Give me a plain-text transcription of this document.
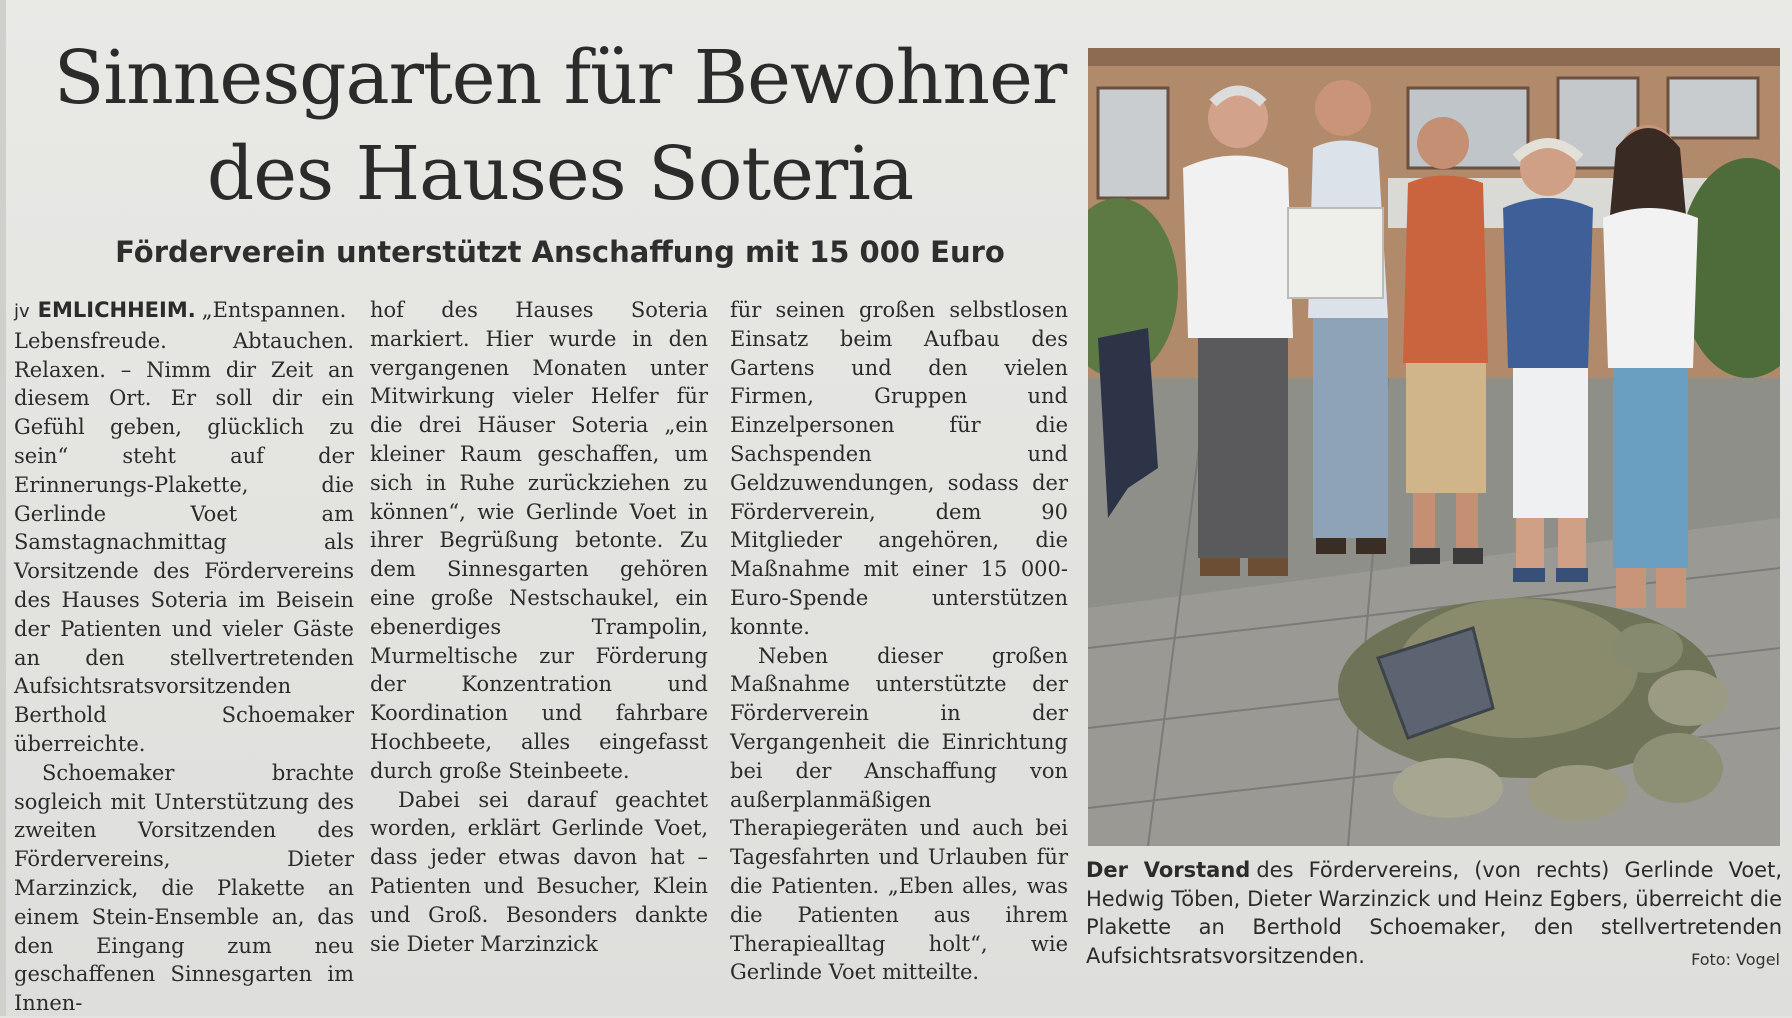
Sinnesgarten für Bewohner
des Hauses Soteria
Förderverein unterstützt Anschaffung mit 15 000 Euro

jv EMLICHHEIM. „Entspannen. Lebensfreude. Abtauchen. Relaxen. – Nimm dir Zeit an diesem Ort. Er soll dir ein Gefühl geben, glücklich zu sein“ steht auf der Erinnerungs-Plakette, die Gerlinde Voet am Samstagnachmittag als Vorsitzende des Fördervereins des Hauses Soteria im Beisein der Patienten und vieler Gäste an den stellvertretenden Aufsichtsratsvorsitzenden Berthold Schoemaker überreichte.

Schoemaker brachte sogleich mit Unterstützung des zweiten Vorsitzenden des Fördervereins, Dieter Marzinzick, die Plakette an einem Stein-Ensemble an, das den Eingang zum neu geschaffenen Sinnesgarten im Innen-

hof des Hauses Soteria markiert. Hier wurde in den vergangenen Monaten unter Mitwirkung vieler Helfer für die drei Häuser Soteria „ein kleiner Raum geschaffen, um sich in Ruhe zurückziehen zu können“, wie Gerlinde Voet in ihrer Begrüßung betonte. Zu dem Sinnesgarten gehören eine große Nestschaukel, ein ebenerdiges Trampolin, Murmeltische zur Förderung der Konzentration und Koordination und fahrbare Hochbeete, alles eingefasst durch große Steinbeete.

Dabei sei darauf geachtet worden, erklärt Gerlinde Voet, dass jeder etwas davon hat – Patienten und Besucher, Klein und Groß. Besonders dankte sie Dieter Marzinzick

für seinen großen selbstlosen Einsatz beim Aufbau des Gartens und den vielen Firmen, Gruppen und Einzelpersonen für die Sachspenden und Geldzuwendungen, sodass der Förderverein, dem 90 Mitglieder angehören, die Maßnahme mit einer 15 000-Euro-Spende unterstützen konnte.

Neben dieser großen Maßnahme unterstützte der Förderverein in der Vergangenheit die Einrichtung bei der Anschaffung von außerplanmäßigen Therapiegeräten und auch bei Tagesfahrten und Urlauben für die Patienten. „Eben alles, was die Patienten aus ihrem Therapiealltag holt“, wie Gerlinde Voet mitteilte.

Der Vorstand des Fördervereins, (von rechts) Gerlinde Voet, Hedwig Töben, Dieter Warzinzick und Heinz Egbers, überreicht die Plakette an Berthold Schoemaker, den stellvertretenden Aufsichtsratsvorsitzenden.	Foto: Vogel
